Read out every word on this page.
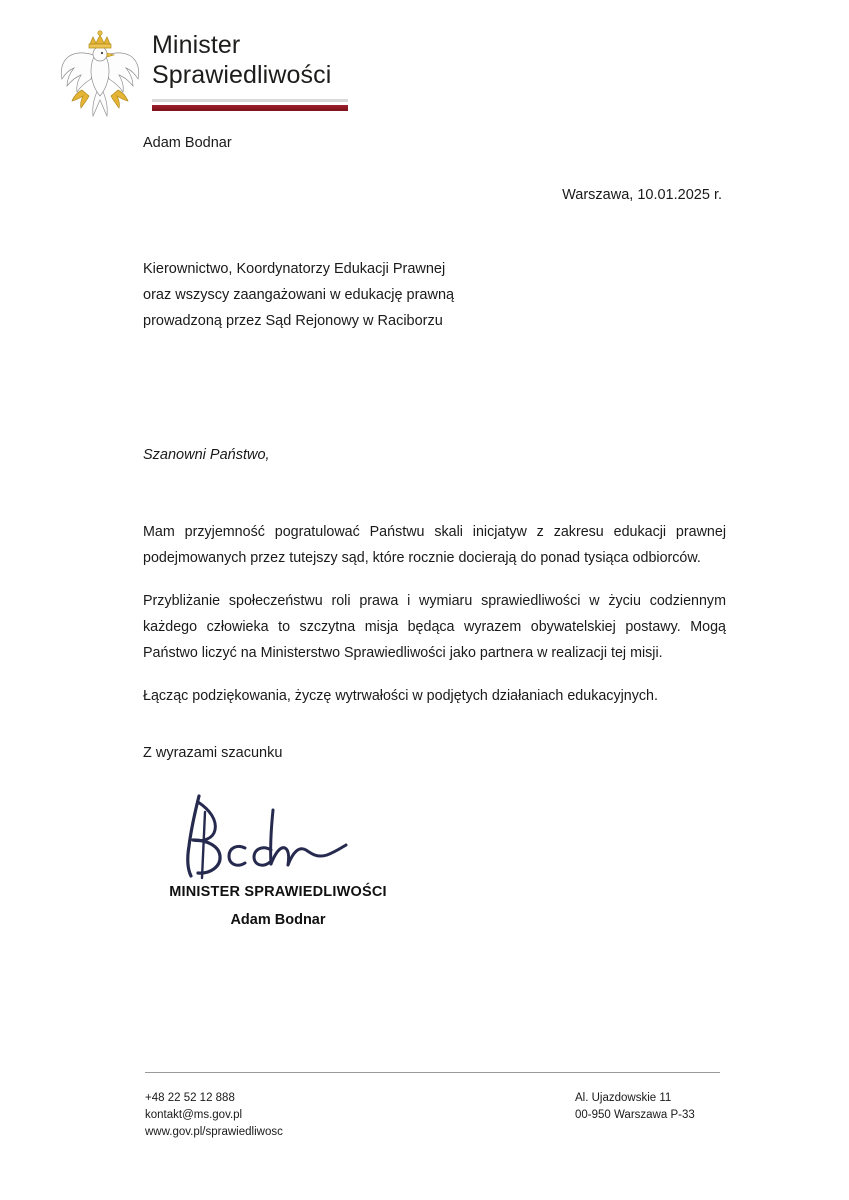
Minister
Sprawiedliwości
Adam Bodnar
Warszawa, 10.01.2025 r.
Kierownictwo, Koordynatorzy Edukacji Prawnej
oraz wszyscy zaangażowani w edukację prawną
prowadzoną przez Sąd Rejonowy w Raciborzu
Szanowni Państwo,

Mam przyjemność pogratulować Państwu skali inicjatyw z zakresu edukacji prawnej podejmowanych przez tutejszy sąd, które rocznie docierają do ponad tysiąca odbiorców.

Przybliżanie społeczeństwu roli prawa i wymiaru sprawiedliwości w życiu codziennym każdego człowieka to szczytna misja będąca wyrazem obywatelskiej postawy. Mogą Państwo liczyć na Ministerstwo Sprawiedliwości jako partnera w realizacji tej misji.

Łącząc podziękowania, życzę wytrwałości w podjętych działaniach edukacyjnych.

Z wyrazami szacunku
MINISTER SPRAWIEDLIWOŚCI
Adam Bodnar
+48 22 52 12 888
kontakt@ms.gov.pl
www.gov.pl/sprawiedliwosc
Al. Ujazdowskie 11
00-950 Warszawa P-33
